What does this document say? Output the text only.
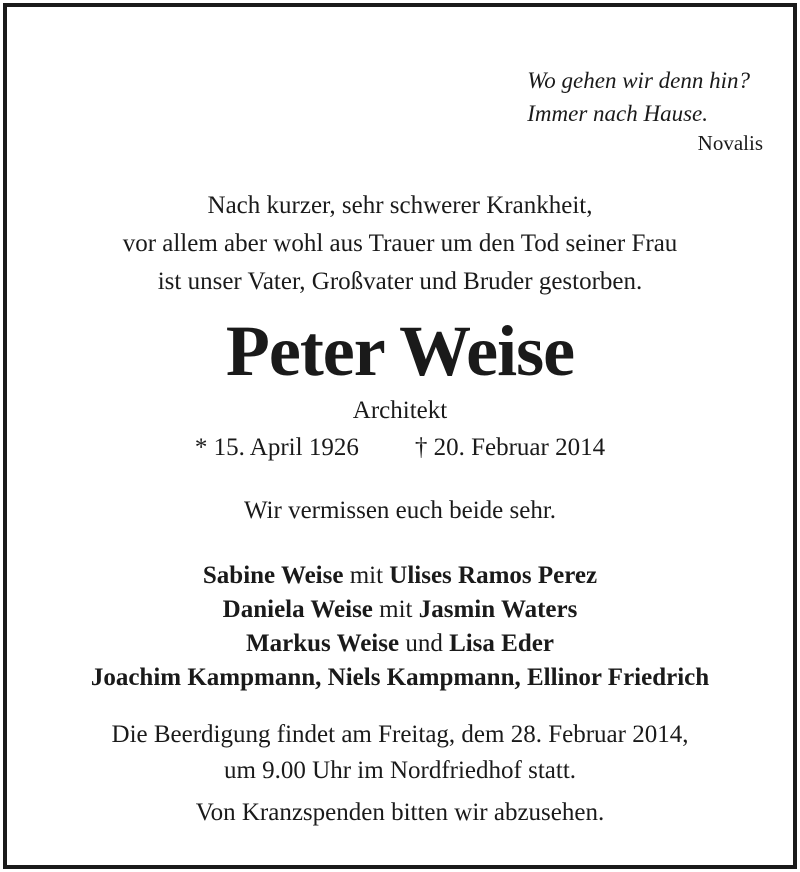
Wo gehen wir denn hin?
Immer nach Hause.
Novalis
Nach kurzer, sehr schwerer Krankheit,
vor allem aber wohl aus Trauer um den Tod seiner Frau
ist unser Vater, Großvater und Bruder gestorben.
Peter Weise
Architekt
* 15. April 1926 † 20. Februar 2014
Wir vermissen euch beide sehr.
Sabine Weise mit Ulises Ramos Perez
Daniela Weise mit Jasmin Waters
Markus Weise und Lisa Eder
Joachim Kampmann, Niels Kampmann, Ellinor Friedrich
Die Beerdigung findet am Freitag, dem 28. Februar 2014,
um 9.00 Uhr im Nordfriedhof statt.
Von Kranzspenden bitten wir abzusehen.
